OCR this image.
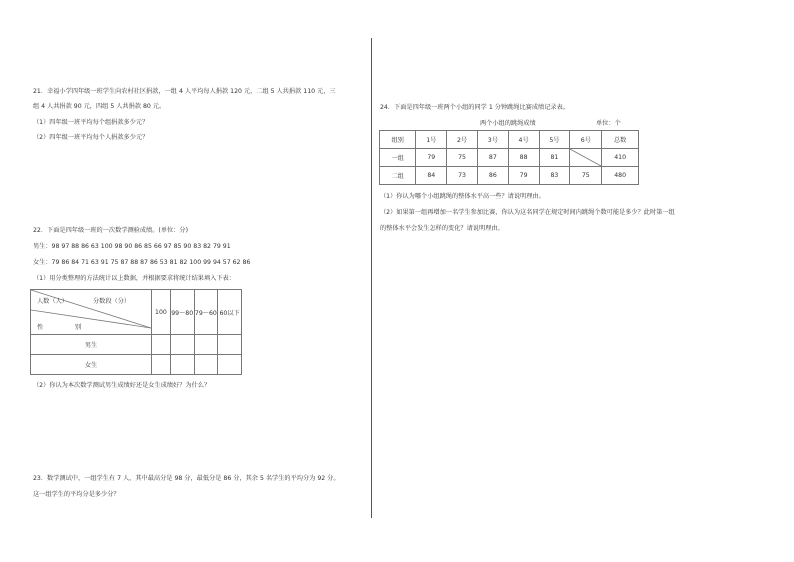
21．幸福小学四年级一班学生向农村社区捐款，一组 4 人平均每人捐款 120 元，二组 5 人共捐款 110 元，三
组 4 人共捐款 90 元，四组 5 人共捐款 80 元。
（1）四年级一班平均每个组捐款多少元？
（2）四年级一班平均每个人捐款多少元？
22．下面是四年级一班的一次数学测验成绩。(单位：分)
男生：98 97 88 86 63 100 98 90 86 85 66 97 85 90 83 82 79 91
女生：79 86 84 71 63 91 75 87 88 87 86 53 81 82 100 99 94 57 62 86
（1）用分类整理的方法统计以上数据，并根据要求将统计结果填入下表：
人数（人） 分数段（分）
性 别	100	99～80	79～60	60以下
男生				
女生				
（2）你认为本次数学测试男生成绩好还是女生成绩好？为什么？
23．数学测试中，一组学生有 7 人，其中最高分是 98 分，最低分是 86 分，其余 5 名学生的平均分为 92 分。
这一组学生的平均分是多少分？
24．下面是四年级一班两个小组的同学 1 分钟跳绳比赛成绩记录表。
两个小组的跳绳成绩	单位：个
组别	1号	2号	3号	4号	5号	6号	总数
一组	79	75	87	88	81		410
二组	84	73	86	79	83	75	480
（1）你认为哪个小组跳绳的整体水平高一些？请说明理由。
（2）如果第一组再增加一名学生参加比赛，你认为这名同学在规定时间内跳绳个数可能是多少？此时第一组
的整体水平会发生怎样的变化？请说明理由。
